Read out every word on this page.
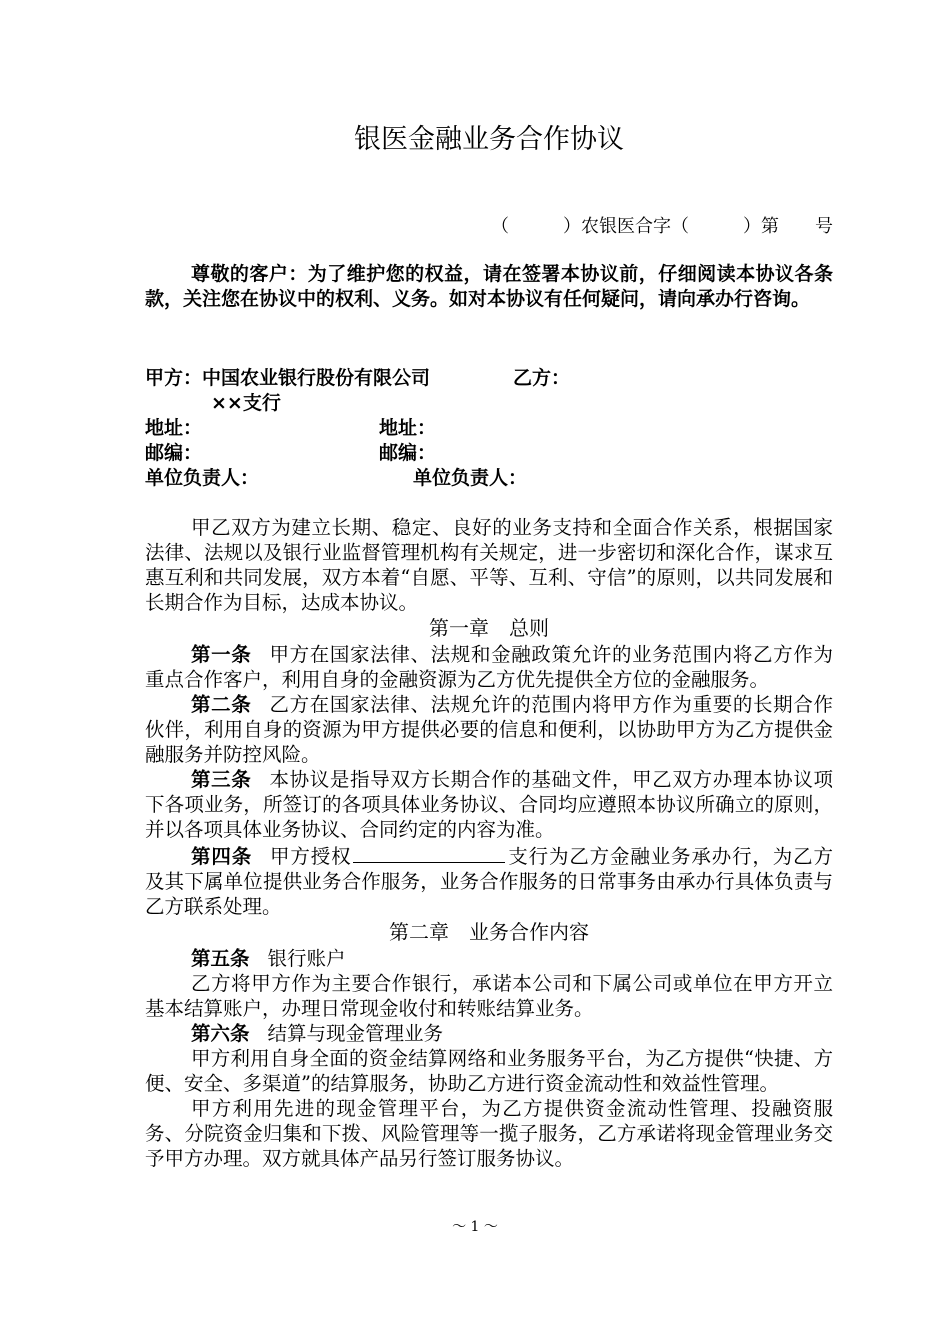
银医金融业务合作协议
（　　　）农银医合字（　　　）第　　号
尊敬的客户：为了维护您的权益，请在签署本协议前，仔细阅读本协议各条款，关注您在协议中的权利、义务。如对本协议有任何疑问，请向承办行咨询。
甲方：中国农业银行股份有限公司	乙方：
××支行
地址：	地址：
邮编：	邮编：
单位负责人：	单位负责人：

甲乙双方为建立长期、稳定、良好的业务支持和全面合作关系，根据国家法律、法规以及银行业监督管理机构有关规定，进一步密切和深化合作，谋求互惠互利和共同发展，双方本着“自愿、平等、互利、守信”的原则，以共同发展和长期合作为目标，达成本协议。

第一章　总则

第一条 甲方在国家法律、法规和金融政策允许的业务范围内将乙方作为重点合作客户，利用自身的金融资源为乙方优先提供全方位的金融服务。

第二条 乙方在国家法律、法规允许的范围内将甲方作为重要的长期合作伙伴，利用自身的资源为甲方提供必要的信息和便利，以协助甲方为乙方提供金融服务并防控风险。

第三条 本协议是指导双方长期合作的基础文件，甲乙双方办理本协议项下各项业务，所签订的各项具体业务协议、合同均应遵照本协议所确立的原则，并以各项具体业务协议、合同约定的内容为准。

第四条 甲方授权	支行为乙方金融业务承办行，为乙方及其下属单位提供业务合作服务，业务合作服务的日常事务由承办行具体负责与乙方联系处理。

第二章　业务合作内容

第五条 银行账户

乙方将甲方作为主要合作银行，承诺本公司和下属公司或单位在甲方开立基本结算账户，办理日常现金收付和转账结算业务。

第六条 结算与现金管理业务

甲方利用自身全面的资金结算网络和业务服务平台，为乙方提供“快捷、方便、安全、多渠道”的结算服务，协助乙方进行资金流动性和效益性管理。

甲方利用先进的现金管理平台，为乙方提供资金流动性管理、投融资服务、分院资金归集和下拨、风险管理等一揽子服务，乙方承诺将现金管理业务交予甲方办理。双方就具体产品另行签订服务协议。

～ 1 ～
